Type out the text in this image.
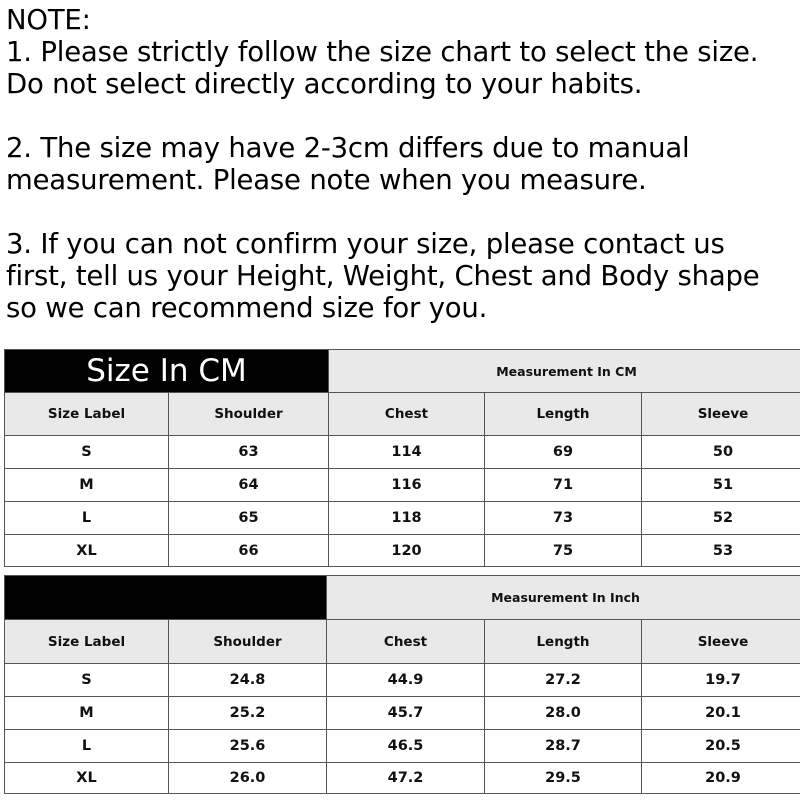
NOTE:
1. Please strictly follow the size chart to select the size.
Do not select directly according to your habits.
2. The size may have 2-3cm differs due to manual
measurement. Please note when you measure.
3. If you can not confirm your size, please contact us
first, tell us your Height, Weight, Chest and Body shape
so we can recommend size for you.
Size In CM		Measurement In CM		
Size Label	Shoulder	Chest	Length	Sleeve
S	63	114	69	50
M	64	116	71	51
L	65	118	73	52
XL	66	120	75	53
		Measurement In Inch		
Size Label	Shoulder	Chest	Length	Sleeve
S	24.8	44.9	27.2	19.7
M	25.2	45.7	28.0	20.1
L	25.6	46.5	28.7	20.5
XL	26.0	47.2	29.5	20.9
